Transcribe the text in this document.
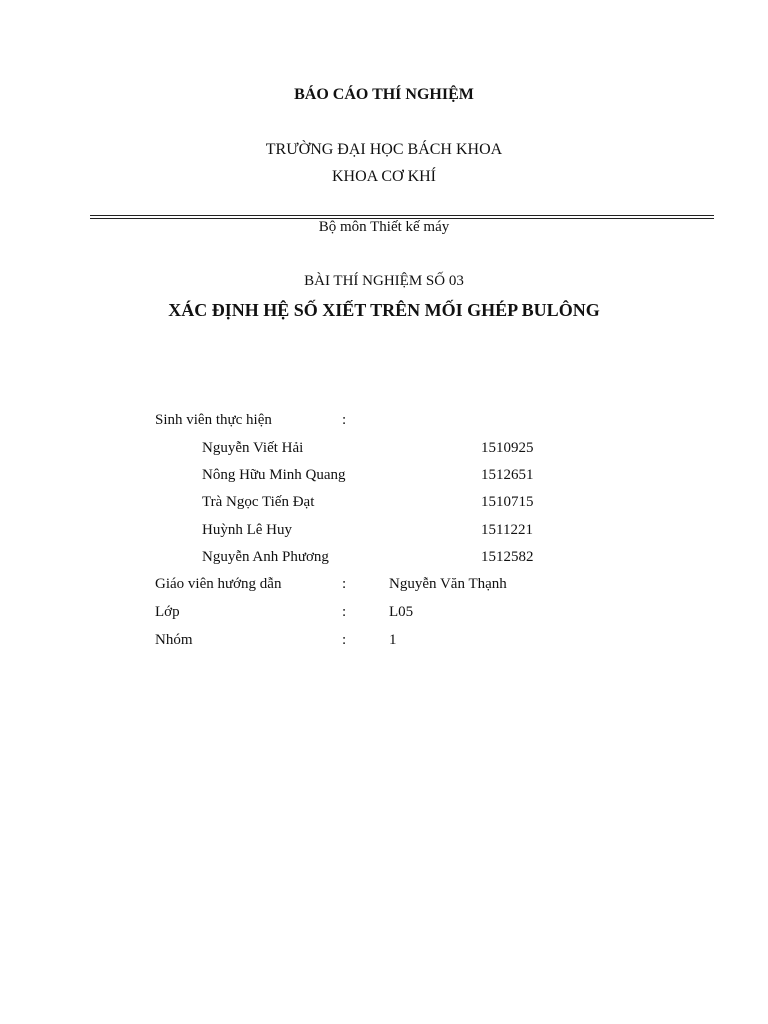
BÁO CÁO THÍ NGHIỆM
TRƯỜNG ĐẠI HỌC BÁCH KHOA
KHOA CƠ KHÍ
Bộ môn Thiết kế máy
BÀI THÍ NGHIỆM SỐ 03
XÁC ĐỊNH HỆ SỐ XIẾT TRÊN MỐI GHÉP BULÔNG
Sinh viên thực hiện	:
Nguyễn Viết Hải	1510925
Nông Hữu Minh Quang	1512651
Trà Ngọc Tiến Đạt	1510715
Huỳnh Lê Huy	1511221
Nguyễn Anh Phương	1512582
Giáo viên hướng dẫn	:	Nguyễn Văn Thạnh
Lớp	:	L05
Nhóm	:	1
